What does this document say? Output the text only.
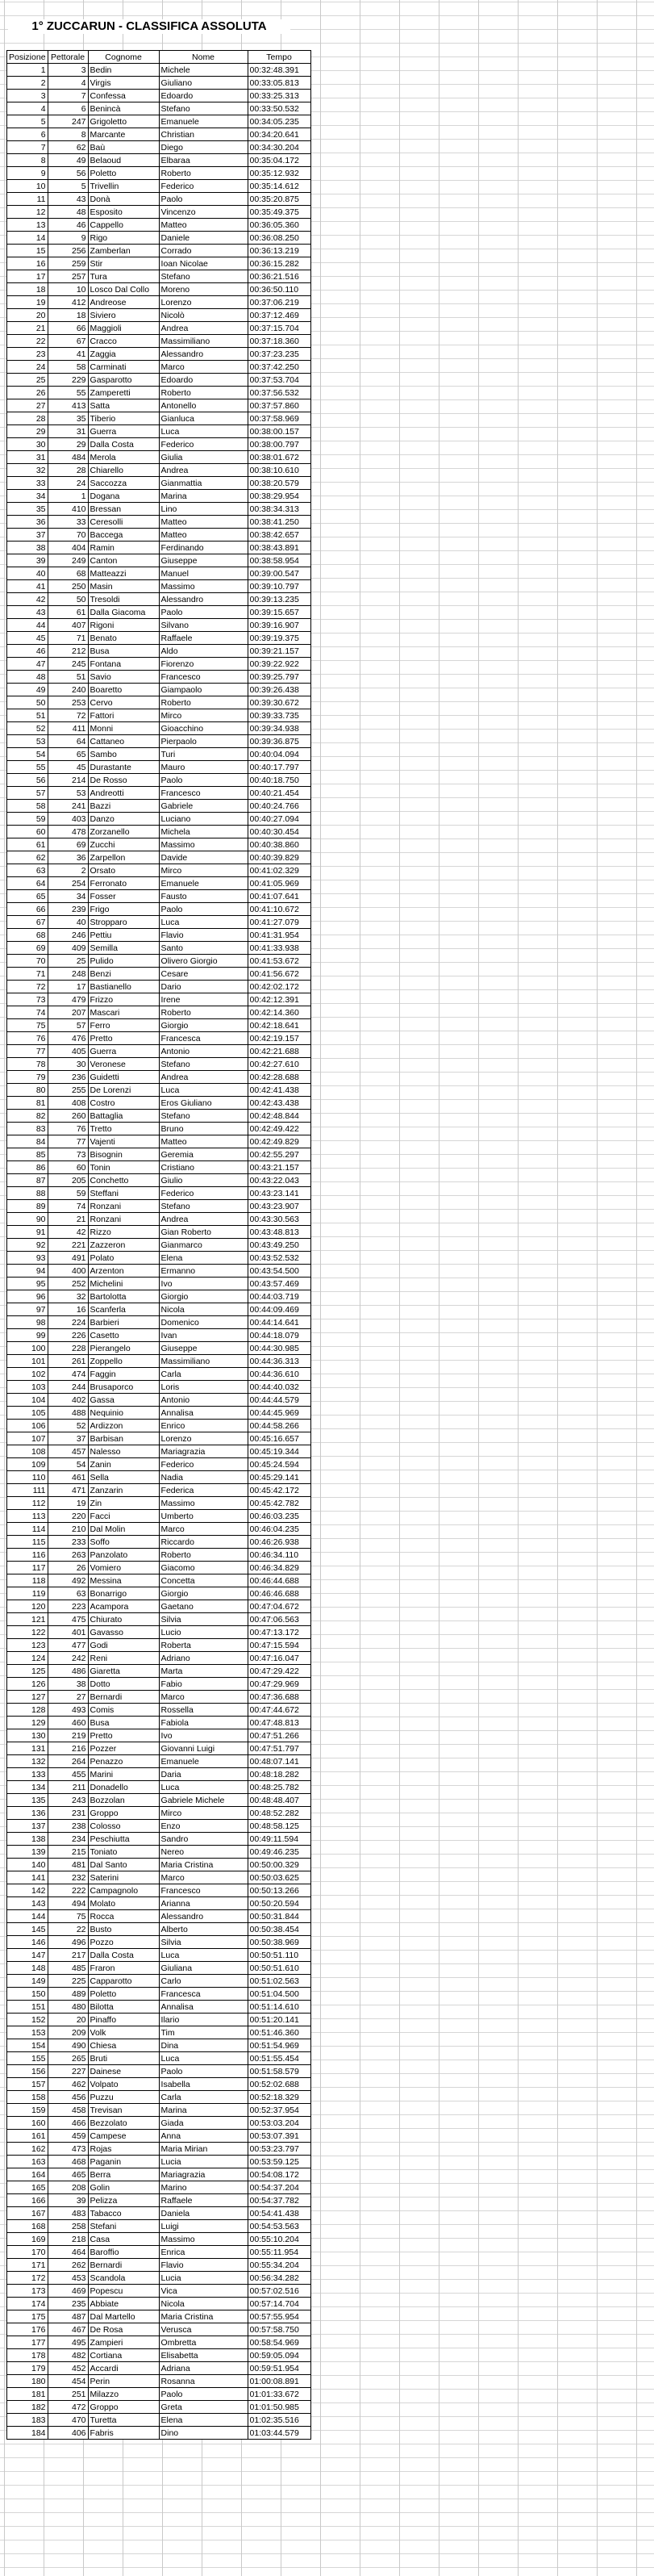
1° ZUCCARUN - CLASSIFICA ASSOLUTA
Posizione	Pettorale	Cognome	Nome	Tempo
1	3	Bedin	Michele	00:32:48.391
2	4	Virgis	Giuliano	00:33:05.813
3	7	Confessa	Edoardo	00:33:25.313
4	6	Benincà	Stefano	00:33:50.532
5	247	Grigoletto	Emanuele	00:34:05.235
6	8	Marcante	Christian	00:34:20.641
7	62	Baù	Diego	00:34:30.204
8	49	Belaoud	Elbaraa	00:35:04.172
9	56	Poletto	Roberto	00:35:12.932
10	5	Trivellin	Federico	00:35:14.612
11	43	Donà	Paolo	00:35:20.875
12	48	Esposito	Vincenzo	00:35:49.375
13	46	Cappello	Matteo	00:36:05.360
14	9	Rigo	Daniele	00:36:08.250
15	256	Zamberlan	Corrado	00:36:13.219
16	259	Stir	Ioan Nicolae	00:36:15.282
17	257	Tura	Stefano	00:36:21.516
18	10	Losco Dal Collo	Moreno	00:36:50.110
19	412	Andreose	Lorenzo	00:37:06.219
20	18	Siviero	Nicolò	00:37:12.469
21	66	Maggioli	Andrea	00:37:15.704
22	67	Cracco	Massimiliano	00:37:18.360
23	41	Zaggia	Alessandro	00:37:23.235
24	58	Carminati	Marco	00:37:42.250
25	229	Gasparotto	Edoardo	00:37:53.704
26	55	Zamperetti	Roberto	00:37:56.532
27	413	Satta	Antonello	00:37:57.860
28	35	Tiberio	Gianluca	00:37:58.969
29	31	Guerra	Luca	00:38:00.157
30	29	Dalla Costa	Federico	00:38:00.797
31	484	Merola	Giulia	00:38:01.672
32	28	Chiarello	Andrea	00:38:10.610
33	24	Saccozza	Gianmattia	00:38:20.579
34	1	Dogana	Marina	00:38:29.954
35	410	Bressan	Lino	00:38:34.313
36	33	Ceresolli	Matteo	00:38:41.250
37	70	Baccega	Matteo	00:38:42.657
38	404	Ramin	Ferdinando	00:38:43.891
39	249	Canton	Giuseppe	00:38:58.954
40	68	Matteazzi	Manuel	00:39:00.547
41	250	Masin	Massimo	00:39:10.797
42	50	Tresoldi	Alessandro	00:39:13.235
43	61	Dalla Giacoma	Paolo	00:39:15.657
44	407	Rigoni	Silvano	00:39:16.907
45	71	Benato	Raffaele	00:39:19.375
46	212	Busa	Aldo	00:39:21.157
47	245	Fontana	Fiorenzo	00:39:22.922
48	51	Savio	Francesco	00:39:25.797
49	240	Boaretto	Giampaolo	00:39:26.438
50	253	Cervo	Roberto	00:39:30.672
51	72	Fattori	Mirco	00:39:33.735
52	411	Monni	Gioacchino	00:39:34.938
53	64	Cattaneo	Pierpaolo	00:39:36.875
54	65	Sambo	Turi	00:40:04.094
55	45	Durastante	Mauro	00:40:17.797
56	214	De Rosso	Paolo	00:40:18.750
57	53	Andreotti	Francesco	00:40:21.454
58	241	Bazzi	Gabriele	00:40:24.766
59	403	Danzo	Luciano	00:40:27.094
60	478	Zorzanello	Michela	00:40:30.454
61	69	Zucchi	Massimo	00:40:38.860
62	36	Zarpellon	Davide	00:40:39.829
63	2	Orsato	Mirco	00:41:02.329
64	254	Ferronato	Emanuele	00:41:05.969
65	34	Fosser	Fausto	00:41:07.641
66	239	Frigo	Paolo	00:41:10.672
67	40	Stropparo	Luca	00:41:27.079
68	246	Pettiu	Flavio	00:41:31.954
69	409	Semilla	Santo	00:41:33.938
70	25	Pulido	Olivero Giorgio	00:41:53.672
71	248	Benzi	Cesare	00:41:56.672
72	17	Bastianello	Dario	00:42:02.172
73	479	Frizzo	Irene	00:42:12.391
74	207	Mascari	Roberto	00:42:14.360
75	57	Ferro	Giorgio	00:42:18.641
76	476	Pretto	Francesca	00:42:19.157
77	405	Guerra	Antonio	00:42:21.688
78	30	Veronese	Stefano	00:42:27.610
79	236	Guidetti	Andrea	00:42:28.688
80	255	De Lorenzi	Luca	00:42:41.438
81	408	Costro	Eros Giuliano	00:42:43.438
82	260	Battaglia	Stefano	00:42:48.844
83	76	Tretto	Bruno	00:42:49.422
84	77	Vajenti	Matteo	00:42:49.829
85	73	Bisognin	Geremia	00:42:55.297
86	60	Tonin	Cristiano	00:43:21.157
87	205	Conchetto	Giulio	00:43:22.043
88	59	Steffani	Federico	00:43:23.141
89	74	Ronzani	Stefano	00:43:23.907
90	21	Ronzani	Andrea	00:43:30.563
91	42	Rizzo	Gian Roberto	00:43:48.813
92	221	Zazzeron	Gianmarco	00:43:49.250
93	491	Polato	Elena	00:43:52.532
94	400	Arzenton	Ermanno	00:43:54.500
95	252	Michelini	Ivo	00:43:57.469
96	32	Bartolotta	Giorgio	00:44:03.719
97	16	Scanferla	Nicola	00:44:09.469
98	224	Barbieri	Domenico	00:44:14.641
99	226	Casetto	Ivan	00:44:18.079
100	228	Pierangelo	Giuseppe	00:44:30.985
101	261	Zoppello	Massimiliano	00:44:36.313
102	474	Faggin	Carla	00:44:36.610
103	244	Brusaporco	Loris	00:44:40.032
104	402	Gassa	Antonio	00:44:44.579
105	488	Nequinio	Annalisa	00:44:45.969
106	52	Ardizzon	Enrico	00:44:58.266
107	37	Barbisan	Lorenzo	00:45:16.657
108	457	Nalesso	Mariagrazia	00:45:19.344
109	54	Zanin	Federico	00:45:24.594
110	461	Sella	Nadia	00:45:29.141
111	471	Zanzarin	Federica	00:45:42.172
112	19	Zin	Massimo	00:45:42.782
113	220	Facci	Umberto	00:46:03.235
114	210	Dal Molin	Marco	00:46:04.235
115	233	Soffo	Riccardo	00:46:26.938
116	263	Panzolato	Roberto	00:46:34.110
117	26	Vomiero	Giacomo	00:46:34.829
118	492	Messina	Concetta	00:46:44.688
119	63	Bonarrigo	Giorgio	00:46:46.688
120	223	Acampora	Gaetano	00:47:04.672
121	475	Chiurato	Silvia	00:47:06.563
122	401	Gavasso	Lucio	00:47:13.172
123	477	Godi	Roberta	00:47:15.594
124	242	Reni	Adriano	00:47:16.047
125	486	Giaretta	Marta	00:47:29.422
126	38	Dotto	Fabio	00:47:29.969
127	27	Bernardi	Marco	00:47:36.688
128	493	Comis	Rossella	00:47:44.672
129	460	Busa	Fabiola	00:47:48.813
130	219	Pretto	Ivo	00:47:51.266
131	216	Pozzer	Giovanni Luigi	00:47:51.797
132	264	Penazzo	Emanuele	00:48:07.141
133	455	Marini	Daria	00:48:18.282
134	211	Donadello	Luca	00:48:25.782
135	243	Bozzolan	Gabriele Michele	00:48:48.407
136	231	Groppo	Mirco	00:48:52.282
137	238	Colosso	Enzo	00:48:58.125
138	234	Peschiutta	Sandro	00:49:11.594
139	215	Toniato	Nereo	00:49:46.235
140	481	Dal Santo	Maria Cristina	00:50:00.329
141	232	Saterini	Marco	00:50:03.625
142	222	Campagnolo	Francesco	00:50:13.266
143	494	Molato	Arianna	00:50:20.594
144	75	Rocca	Alessandro	00:50:31.844
145	22	Busto	Alberto	00:50:38.454
146	496	Pozzo	Silvia	00:50:38.969
147	217	Dalla Costa	Luca	00:50:51.110
148	485	Fraron	Giuliana	00:50:51.610
149	225	Capparotto	Carlo	00:51:02.563
150	489	Poletto	Francesca	00:51:04.500
151	480	Bilotta	Annalisa	00:51:14.610
152	20	Pinaffo	Ilario	00:51:20.141
153	209	Volk	Tim	00:51:46.360
154	490	Chiesa	Dina	00:51:54.969
155	265	Bruti	Luca	00:51:55.454
156	227	Dainese	Paolo	00:51:58.579
157	462	Volpato	Isabella	00:52:02.688
158	456	Puzzu	Carla	00:52:18.329
159	458	Trevisan	Marina	00:52:37.954
160	466	Bezzolato	Giada	00:53:03.204
161	459	Campese	Anna	00:53:07.391
162	473	Rojas	Maria Mirian	00:53:23.797
163	468	Paganin	Lucia	00:53:59.125
164	465	Berra	Mariagrazia	00:54:08.172
165	208	Golin	Marino	00:54:37.204
166	39	Pelizza	Raffaele	00:54:37.782
167	483	Tabacco	Daniela	00:54:41.438
168	258	Stefani	Luigi	00:54:53.563
169	218	Casa	Massimo	00:55:10.204
170	464	Baroffio	Enrica	00:55:11.954
171	262	Bernardi	Flavio	00:55:34.204
172	453	Scandola	Lucia	00:56:34.282
173	469	Popescu	Vica	00:57:02.516
174	235	Abbiate	Nicola	00:57:14.704
175	487	Dal Martello	Maria Cristina	00:57:55.954
176	467	De Rosa	Verusca	00:57:58.750
177	495	Zampieri	Ombretta	00:58:54.969
178	482	Cortiana	Elisabetta	00:59:05.094
179	452	Accardi	Adriana	00:59:51.954
180	454	Perin	Rosanna	01:00:08.891
181	251	Milazzo	Paolo	01:01:33.672
182	472	Groppo	Greta	01:01:50.985
183	470	Turetta	Elena	01:02:35.516
184	406	Fabris	Dino	01:03:44.579
